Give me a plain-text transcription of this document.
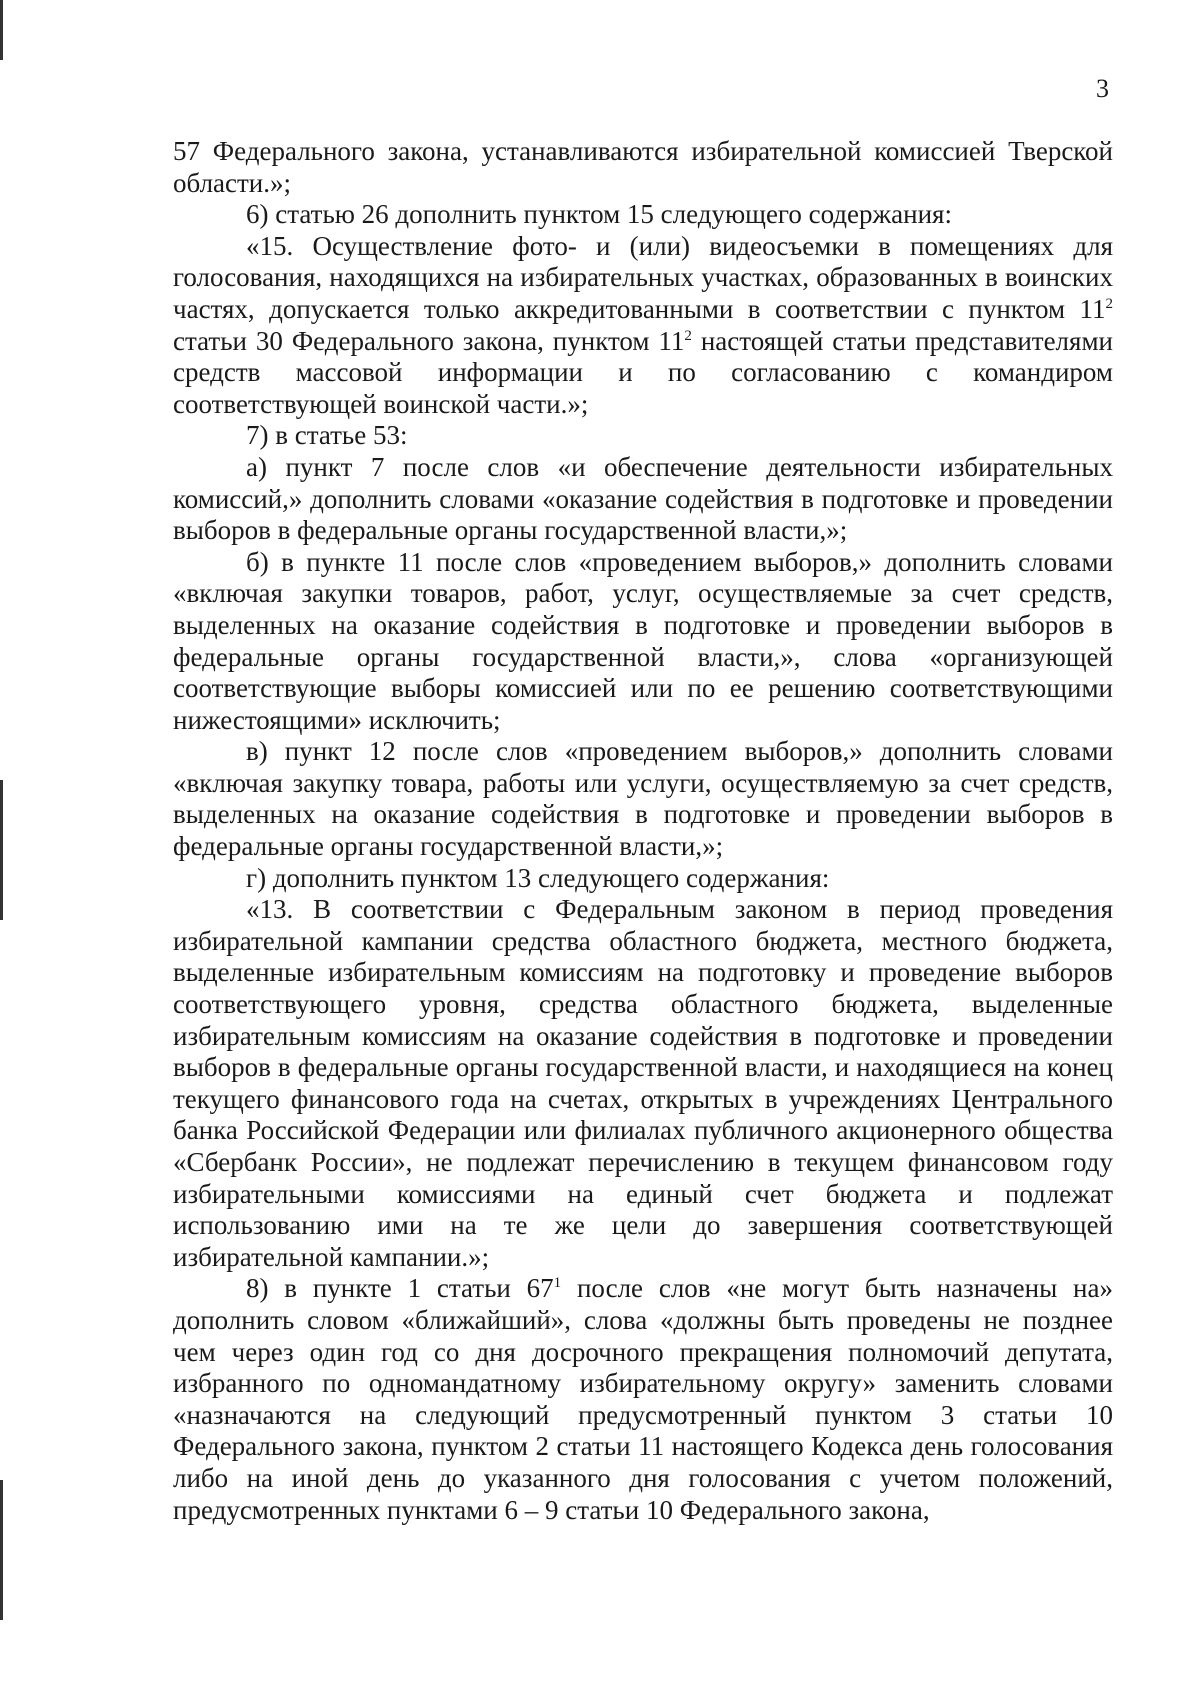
3

57 Федерального закона, устанавливаются избирательной комиссией Тверской области.»;

6) статью 26 дополнить пунктом 15 следующего содержания:

«15. Осуществление фото- и (или) видеосъемки в помещениях для голосования, находящихся на избирательных участках, образованных в воинских частях, допускается только аккредитованными в соответствии с пунктом $11^2$ статьи 30 Федерального закона, пунктом $11^2$ настоящей статьи представителями средств массовой информации и по согласованию с командиром соответствующей воинской части.»;

7) в статье 53:

а) пункт 7 после слов «и обеспечение деятельности избирательных комиссий,» дополнить словами «оказание содействия в подготовке и проведении выборов в федеральные органы государственной власти,»;

б) в пункте 11 после слов «проведением выборов,» дополнить словами «включая закупки товаров, работ, услуг, осуществляемые за счет средств, выделенных на оказание содействия в подготовке и проведении выборов в федеральные органы государственной власти,», слова «организующей соответствующие выборы комиссией или по ее решению соответствующими нижестоящими» исключить;

в) пункт 12 после слов «проведением выборов,» дополнить словами «включая закупку товара, работы или услуги, осуществляемую за счет средств, выделенных на оказание содействия в подготовке и проведении выборов в федеральные органы государственной власти,»;

г) дополнить пунктом 13 следующего содержания:

«13. В соответствии с Федеральным законом в период проведения избирательной кампании средства областного бюджета, местного бюджета, выделенные избирательным комиссиям на подготовку и проведение выборов соответствующего уровня, средства областного бюджета, выделенные избирательным комиссиям на оказание содействия в подготовке и проведении выборов в федеральные органы государственной власти, и находящиеся на конец текущего финансового года на счетах, открытых в учреждениях Центрального банка Российской Федерации или филиалах публичного акционерного общества «Сбербанк России», не подлежат перечислению в текущем финансовом году избирательными комиссиями на единый счет бюджета и подлежат использованию ими на те же цели до завершения соответствующей избирательной кампании.»;

8) в пункте 1 статьи $67^1$ после слов «не могут быть назначены на» дополнить словом «ближайший», слова «должны быть проведены не позднее чем через один год со дня досрочного прекращения полномочий депутата, избранного по одномандатному избирательному округу» заменить словами «назначаются на следующий предусмотренный пунктом 3 статьи 10 Федерального закона, пунктом 2 статьи 11 настоящего Кодекса день голосования либо на иной день до указанного дня голосования с учетом положений, предусмотренных пунктами 6 – 9 статьи 10 Федерального закона,
